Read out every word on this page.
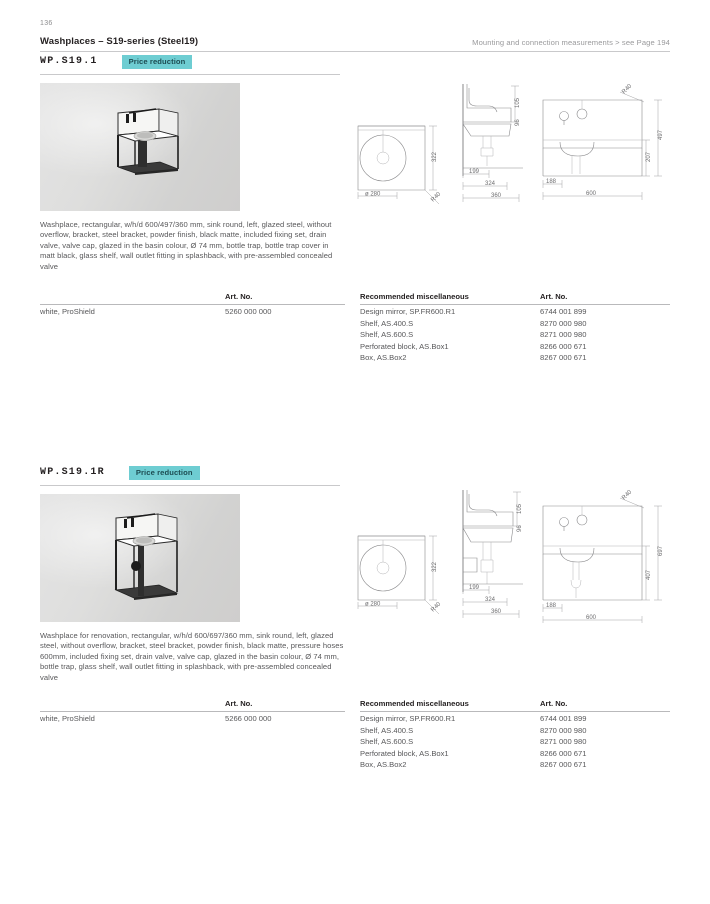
136
Washplaces – S19-series (Steel19)	Mounting and connection measurements > see Page 194
WP.S19.1	Price reduction
Washplace, rectangular, w/h/d 600/497/360 mm, sink round, left, glazed steel, without overflow, bracket, steel bracket, powder finish, black matte, included fixing set, drain valve, valve cap, glazed in the basin colour, Ø 74 mm, bottle trap, bottle trap cover in matt black, glass shelf, wall outlet fitting in splashback, with pre-assembled concealed valve
Art. No.
white, ProShield	5260 000 000
Recommended miscellaneous	Art. No.
Design mirror, SP.FR600.R1	6744 001 899
Shelf, AS.400.S	8270 000 980
Shelf, AS.600.S	8271 000 980
Perforated block, AS.Box1	8266 000 671
Box, AS.Box2	8267 000 671
ø 280
322
R40
105
96
199
324
360
R40
497
207
188
600
WP.S19.1R	Price reduction
Washplace for renovation, rectangular, w/h/d 600/697/360 mm, sink round, left, glazed steel, without overflow, bracket, steel bracket, powder finish, black matte, pressure hoses 600mm, included fixing set, drain valve, valve cap, glazed in the basin colour, Ø 74 mm, bottle trap, glass shelf, wall outlet fitting in splashback, with pre-assembled concealed valve
Art. No.
white, ProShield	5266 000 000
Recommended miscellaneous	Art. No.
Design mirror, SP.FR600.R1	6744 001 899
Shelf, AS.400.S	8270 000 980
Shelf, AS.600.S	8271 000 980
Perforated block, AS.Box1	8266 000 671
Box, AS.Box2	8267 000 671
ø 280
322
R40
105
96
199
324
360
R40
697
407
188
600
